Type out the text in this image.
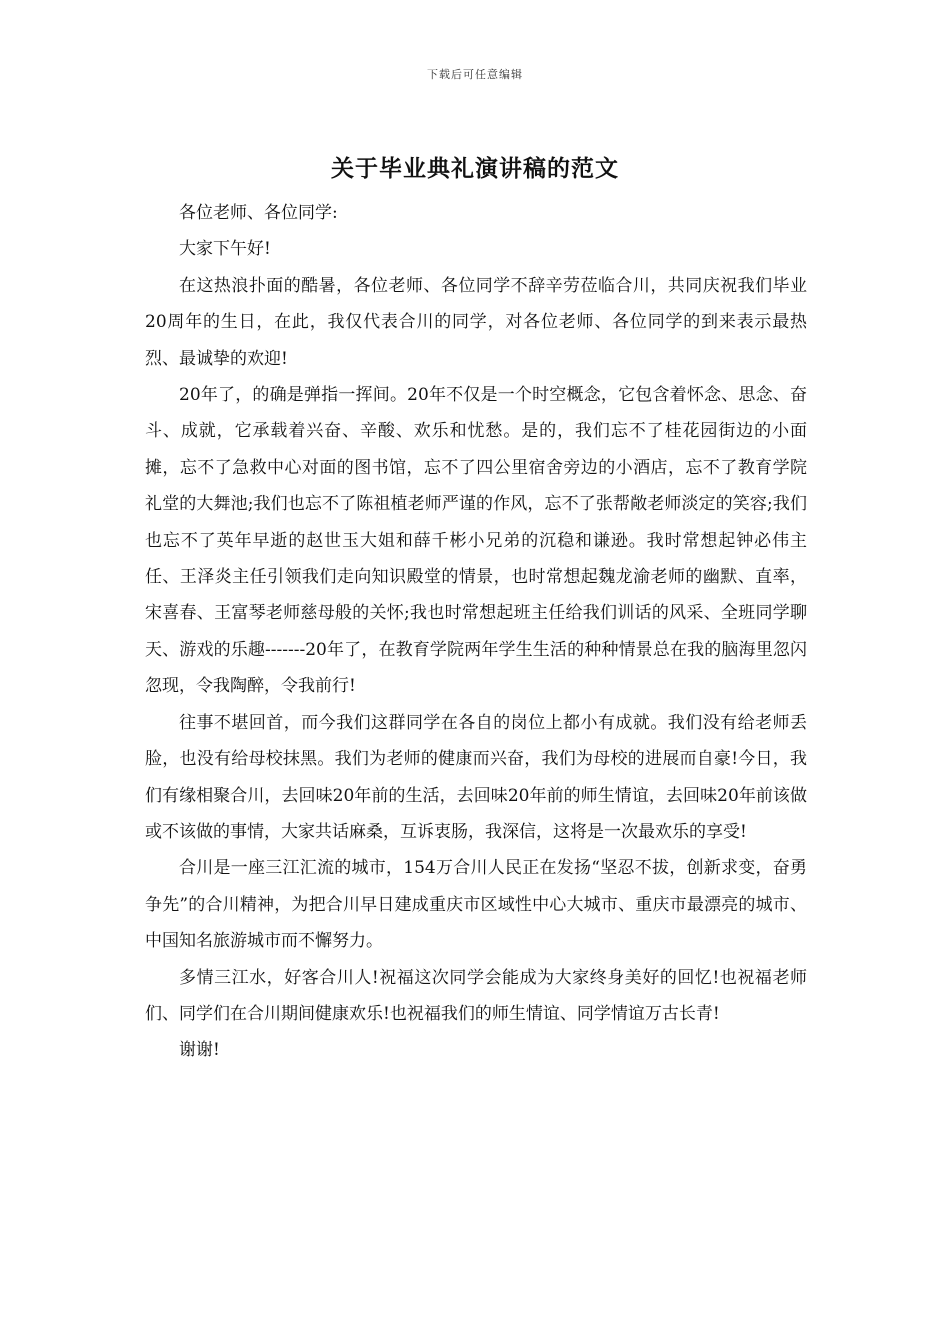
下载后可任意编辑
关于毕业典礼演讲稿的范文

各位老师、各位同学:

大家下午好!

在这热浪扑面的酷暑，各位老师、各位同学不辞辛劳莅临合川，共同庆祝我们毕业20周年的生日，在此，我仅代表合川的同学，对各位老师、各位同学的到来表示最热烈、最诚挚的欢迎!

20年了，的确是弹指一挥间。20年不仅是一个时空概念，它包含着怀念、思念、奋斗、成就，它承载着兴奋、辛酸、欢乐和忧愁。是的，我们忘不了桂花园街边的小面摊，忘不了急救中心对面的图书馆，忘不了四公里宿舍旁边的小酒店，忘不了教育学院礼堂的大舞池;我们也忘不了陈祖植老师严谨的作风，忘不了张帮敞老师淡定的笑容;我们也忘不了英年早逝的赵世玉大姐和薛千彬小兄弟的沉稳和谦逊。我时常想起钟必伟主任、王泽炎主任引领我们走向知识殿堂的情景，也时常想起魏龙渝老师的幽默、直率，宋喜春、王富琴老师慈母般的关怀;我也时常想起班主任给我们训话的风采、全班同学聊天、游戏的乐趣-------20年了，在教育学院两年学生生活的种种情景总在我的脑海里忽闪忽现，令我陶醉，令我前行!

往事不堪回首，而今我们这群同学在各自的岗位上都小有成就。我们没有给老师丢脸，也没有给母校抹黑。我们为老师的健康而兴奋，我们为母校的进展而自豪!今日，我们有缘相聚合川，去回味20年前的生活，去回味20年前的师生情谊，去回味20年前该做或不该做的事情，大家共话麻桑，互诉衷肠，我深信，这将是一次最欢乐的享受!

合川是一座三江汇流的城市，154万合川人民正在发扬“坚忍不拔，创新求变，奋勇争先”的合川精神，为把合川早日建成重庆市区域性中心大城市、重庆市最漂亮的城市、中国知名旅游城市而不懈努力。

多情三江水，好客合川人!祝福这次同学会能成为大家终身美好的回忆!也祝福老师们、同学们在合川期间健康欢乐!也祝福我们的师生情谊、同学情谊万古长青!

谢谢!
